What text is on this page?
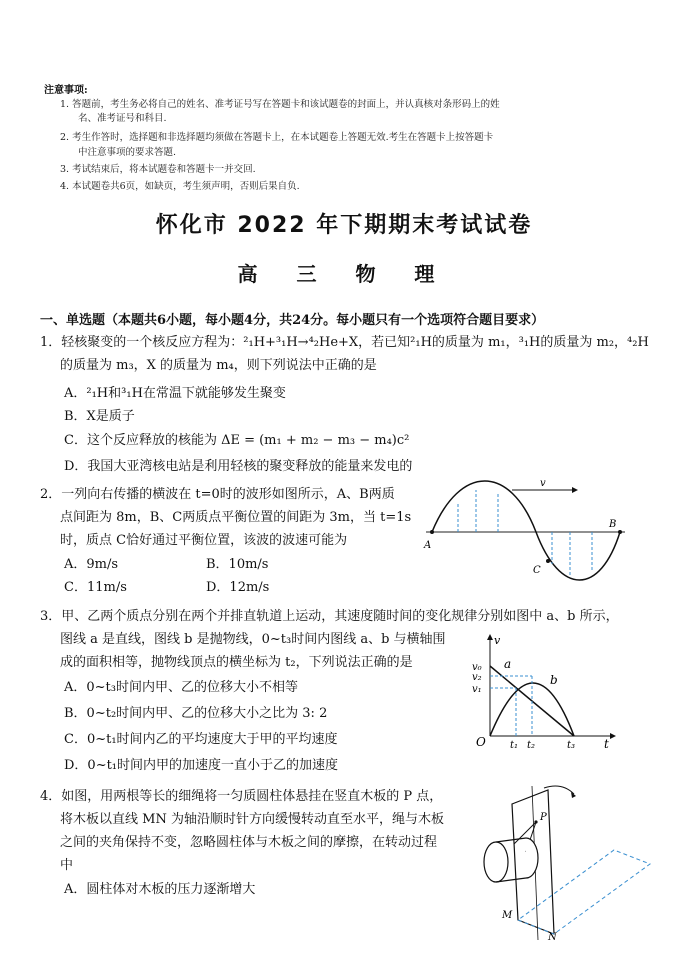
注意事项:
1. 答题前，考生务必将自己的姓名、准考证号写在答题卡和该试题卷的封面上，并认真核对条形码上的姓
名、准考证号和科目.
2. 考生作答时，选择题和非选择题均须做在答题卡上，在本试题卷上答题无效.考生在答题卡上按答题卡
中注意事项的要求答题.
3. 考试结束后，将本试题卷和答题卡一并交回.
4. 本试题卷共6页，如缺页，考生须声明，否则后果自负.
怀化市 2022 年下期期末考试试卷
高 三 物 理
一、单选题（本题共6小题，每小题4分，共24分。每小题只有一个选项符合题目要求）
1．轻核聚变的一个核反应方程为：²₁H+³₁H→⁴₂He+X，若已知²₁H的质量为 m₁，³₁H的质量为 m₂，⁴₂H
的质量为 m₃，X 的质量为 m₄，则下列说法中正确的是
A．²₁H和³₁H在常温下就能够发生聚变
B．X是质子
C．这个反应释放的核能为 ΔE = (m₁ + m₂ − m₃ − m₄)c²
D．我国大亚湾核电站是利用轻核的聚变释放的能量来发电的
2．一列向右传播的横波在 t=0时的波形如图所示，A、B两质
点间距为 8m，B、C两质点平衡位置的间距为 3m，当 t=1s
时，质点 C恰好通过平衡位置，该波的波速可能为
A．9m/s	B．10m/s
C．11m/s	D．12m/s
v
A
B
C
3．甲、乙两个质点分别在两个并排直轨道上运动，其速度随时间的变化规律分别如图中 a、b 所示，
图线 a 是直线，图线 b 是抛物线，0~t₃时间内图线 a、b 与横轴围
成的面积相等，抛物线顶点的横坐标为 t₂，下列说法正确的是
A．0~t₃时间内甲、乙的位移大小不相等
B．0~t₂时间内甲、乙的位移大小之比为 3: 2
C．0~t₁时间内乙的平均速度大于甲的平均速度
D．0~t₁时间内甲的加速度一直小于乙的加速度
v
v₀
v₂
v₁
a
b
O t₁ t₂	t₃ t
4．如图，用两根等长的细绳将一匀质圆柱体悬挂在竖直木板的 P 点，
将木板以直线 MN 为轴沿顺时针方向缓慢转动直至水平，绳与木板
之间的夹角保持不变，忽略圆柱体与木板之间的摩擦，在转动过程
中
A．圆柱体对木板的压力逐渐增大
P
M
N
